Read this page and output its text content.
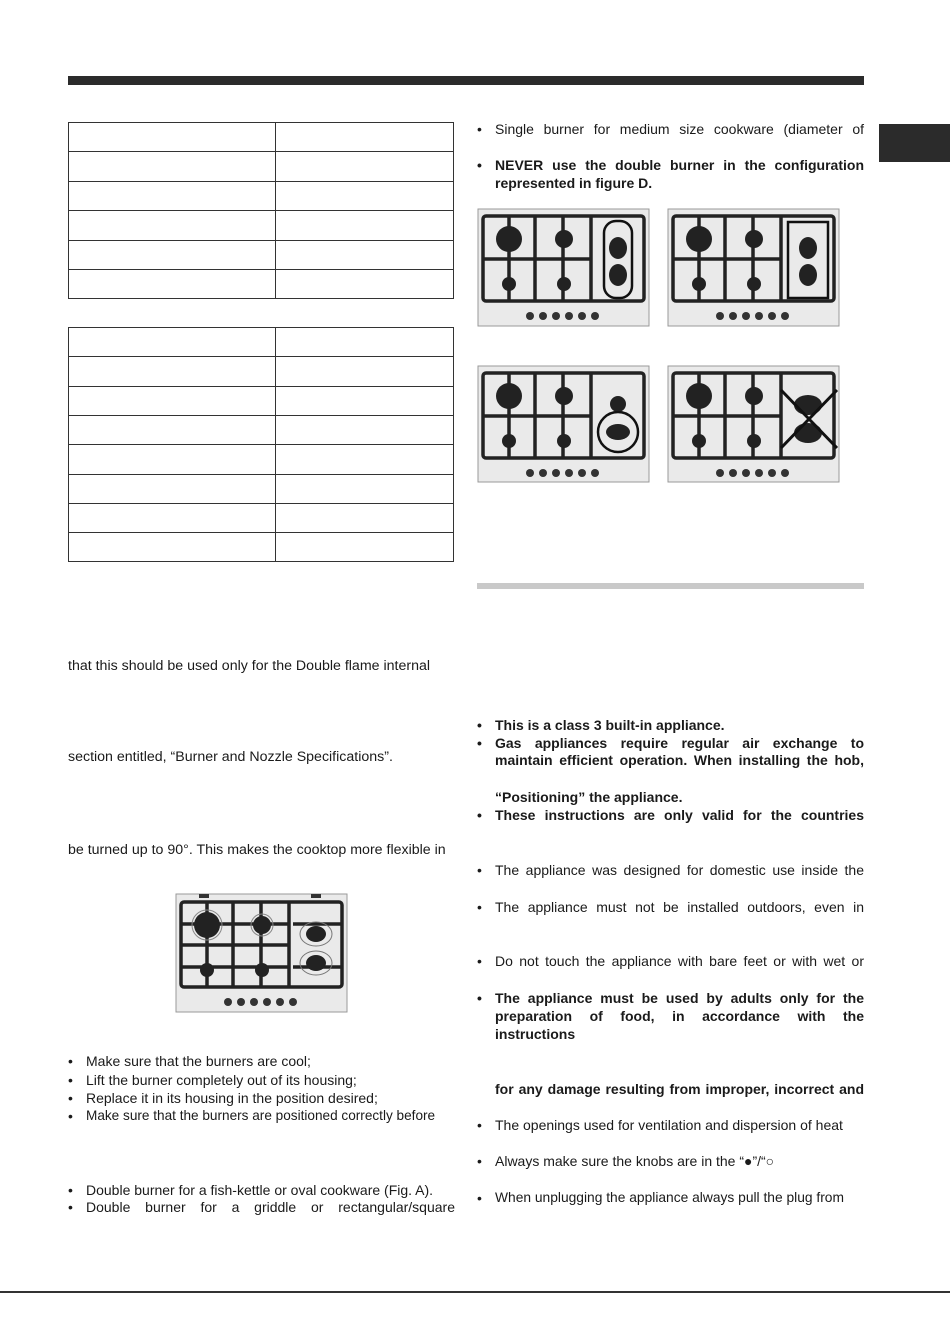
that this should be used only for the Double flame internal
section entitled, “Burner and Nozzle Specifications”.
be turned up to 90°. This makes the cooktop more flexible in
• Make sure that the burners are cool;
• Lift the burner completely out of its housing;
• Replace it in its housing in the position desired;
• Make sure that the burners are positioned correctly before
• Double burner for a fish-kettle or oval cookware (Fig. A).
• Double burner for a griddle or rectangular/square
• Single burner for medium size cookware (diameter of
• NEVER use the double burner in the configuration
represented in figure D.
• This is a class 3 built-in appliance.
• Gas appliances require regular air exchange to
maintain efficient operation. When installing the hob,
“Positioning” the appliance.
• These instructions are only valid for the countries
• The appliance was designed for domestic use inside the
• The appliance must not be installed outdoors, even in
• Do not touch the appliance with bare feet or with wet or
• The appliance must be used by adults only for the
preparation of food, in accordance with the instructions
for any damage resulting from improper, incorrect and
• The openings used for ventilation and dispersion of heat
• Always make sure the knobs are in the “●”/“○
• When unplugging the appliance always pull the plug from
